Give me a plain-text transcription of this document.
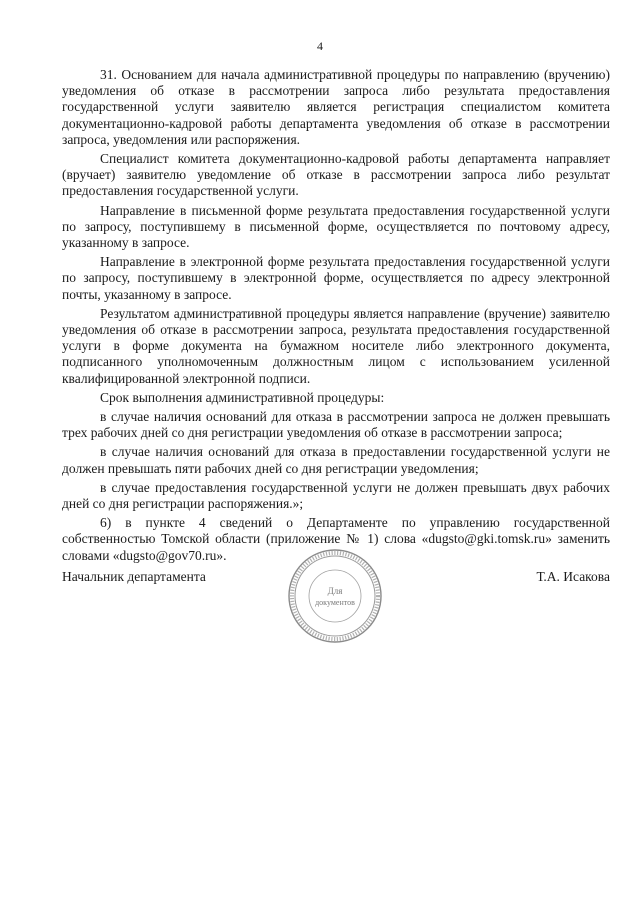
4

31. Основанием для начала административной процедуры по направлению (вручению) уведомления об отказе в рассмотрении запроса либо результата предоставления государственной услуги заявителю является регистрация специалистом комитета документационно-кадровой работы департамента уведомления об отказе в рассмотрении запроса, уведомления или распоряжения.

Специалист комитета документационно-кадровой работы департамента направляет (вручает) заявителю уведомление об отказе в рассмотрении запроса либо результат предоставления государственной услуги.

Направление в письменной форме результата предоставления государственной услуги по запросу, поступившему в письменной форме, осуществляется по почтовому адресу, указанному в запросе.

Направление в электронной форме результата предоставления государственной услуги по запросу, поступившему в электронной форме, осуществляется по адресу электронной почты, указанному в запросе.

Результатом административной процедуры является направление (вручение) заявителю уведомления об отказе в рассмотрении запроса, результата предоставления государственной услуги в форме документа на бумажном носителе либо электронного документа, подписанного уполномоченным должностным лицом с использованием усиленной квалифицированной электронной подписи.

Срок выполнения административной процедуры:

в случае наличия оснований для отказа в рассмотрении запроса не должен превышать трех рабочих дней со дня регистрации уведомления об отказе в рассмотрении запроса;

в случае наличия оснований для отказа в предоставлении государственной услуги не должен превышать пяти рабочих дней со дня регистрации уведомления;

в случае предоставления государственной услуги не должен превышать двух рабочих дней со дня регистрации распоряжения.»;

6) в пункте 4 сведений о Департаменте по управлению государственной собственностью Томской области (приложение № 1) слова «dugsto@gki.tomsk.ru» заменить словами «dugsto@gov70.ru».

Начальник департамента	Т.А. Исакова
Для
документов
